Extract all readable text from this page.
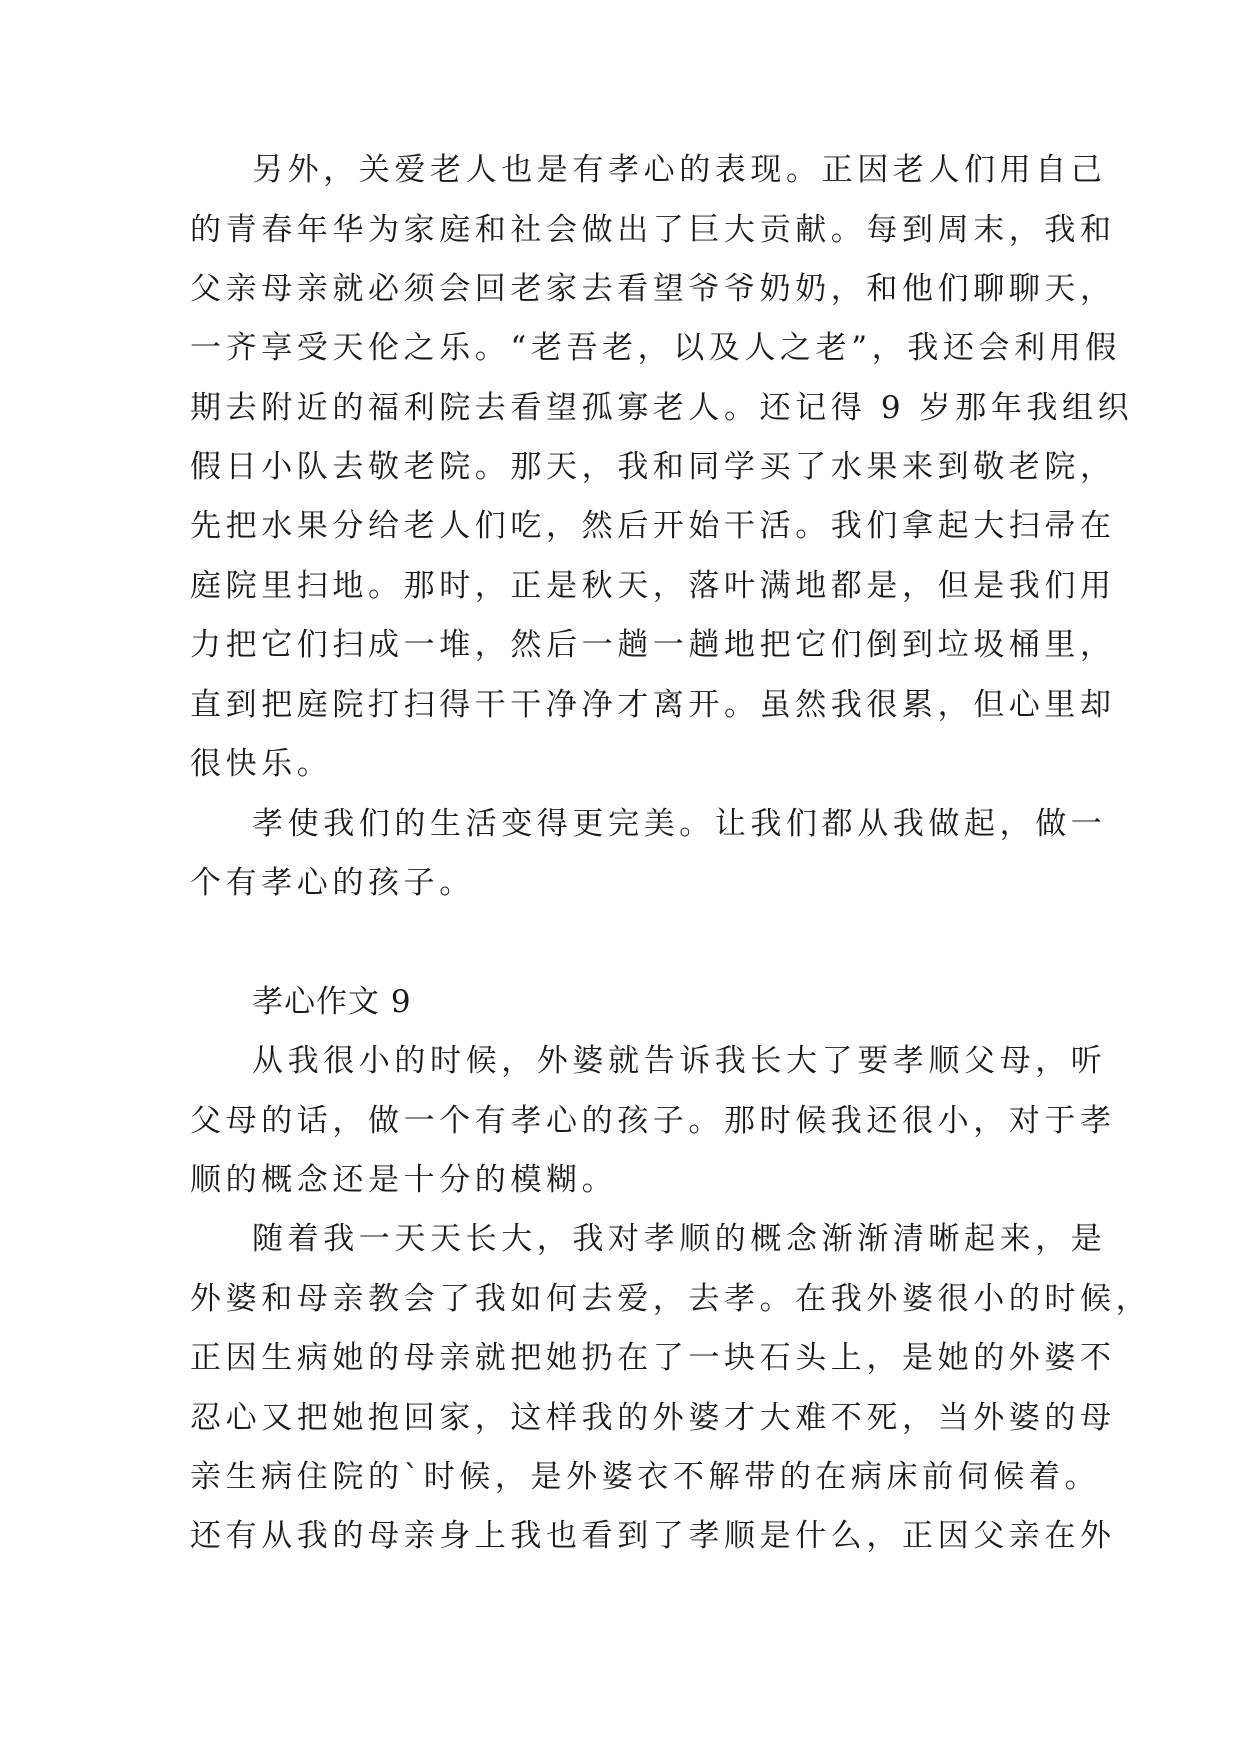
另外，关爱老人也是有孝心的表现。正因老人们用自己
的青春年华为家庭和社会做出了巨大贡献。每到周末，我和
父亲母亲就必须会回老家去看望爷爷奶奶，和他们聊聊天，
一齐享受天伦之乐。“老吾老，以及人之老”，我还会利用假
期去附近的福利院去看望孤寡老人。还记得 9 岁那年我组织
假日小队去敬老院。那天，我和同学买了水果来到敬老院，
先把水果分给老人们吃，然后开始干活。我们拿起大扫帚在
庭院里扫地。那时，正是秋天，落叶满地都是，但是我们用
力把它们扫成一堆，然后一趟一趟地把它们倒到垃圾桶里，
直到把庭院打扫得干干净净才离开。虽然我很累，但心里却
很快乐。
孝使我们的生活变得更完美。让我们都从我做起，做一
个有孝心的孩子。
孝心作文 9
从我很小的时候，外婆就告诉我长大了要孝顺父母，听
父母的话，做一个有孝心的孩子。那时候我还很小，对于孝
顺的概念还是十分的模糊。
随着我一天天长大，我对孝顺的概念渐渐清晰起来，是
外婆和母亲教会了我如何去爱，去孝。在我外婆很小的时候，
正因生病她的母亲就把她扔在了一块石头上，是她的外婆不
忍心又把她抱回家，这样我的外婆才大难不死，当外婆的母
亲生病住院的`时候，是外婆衣不解带的在病床前伺候着。
还有从我的母亲身上我也看到了孝顺是什么，正因父亲在外
